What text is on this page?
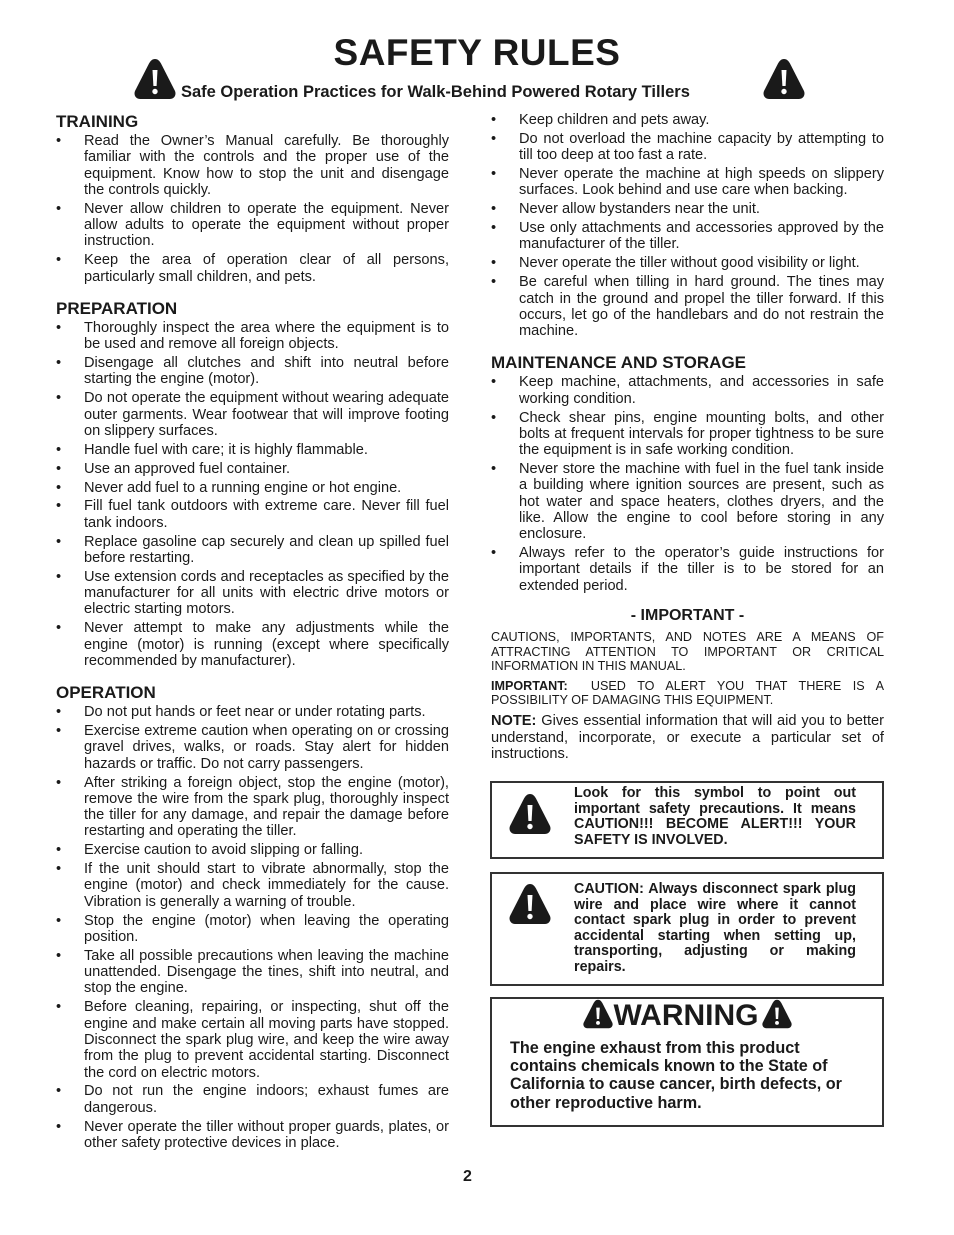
SAFETY RULES
Safe Operation Practices for Walk-Behind Powered Rotary Tillers
TRAINING
• Read the Owner’s Manual carefully. Be thoroughly familiar with the controls and the proper use of the equipment. Know how to stop the unit and disengage the controls quickly.
• Never allow children to operate the equipment. Never allow adults to operate the equipment without proper instruction.
• Keep the area of operation clear of all persons, particularly small children, and pets.
PREPARATION
• Thoroughly inspect the area where the equipment is to be used and remove all foreign objects.
• Disengage all clutches and shift into neutral before starting the engine (motor).
• Do not operate the equipment without wearing adequate outer garments. Wear footwear that will improve footing on slippery surfaces.
• Handle fuel with care; it is highly flammable.
• Use an approved fuel container.
• Never add fuel to a running engine or hot engine.
• Fill fuel tank outdoors with extreme care. Never fill fuel tank indoors.
• Replace gasoline cap securely and clean up spilled fuel before restarting.
• Use extension cords and receptacles as specified by the manufacturer for all units with electric drive motors or electric starting motors.
• Never attempt to make any adjustments while the engine (motor) is running (except where specifically recommended by manufacturer).
OPERATION
• Do not put hands or feet near or under rotating parts.
• Exercise extreme caution when operating on or crossing gravel drives, walks, or roads. Stay alert for hidden hazards or traffic. Do not carry passengers.
• After striking a foreign object, stop the engine (motor), remove the wire from the spark plug, thoroughly inspect the tiller for any damage, and repair the damage before restarting and operating the tiller.
• Exercise caution to avoid slipping or falling.
• If the unit should start to vibrate abnormally, stop the engine (motor) and check immediately for the cause. Vibration is generally a warning of trouble.
• Stop the engine (motor) when leaving the operating position.
• Take all possible precautions when leaving the machine unattended. Disengage the tines, shift into neutral, and stop the engine.
• Before cleaning, repairing, or inspecting, shut off the engine and make certain all moving parts have stopped. Disconnect the spark plug wire, and keep the wire away from the plug to prevent accidental starting. Disconnect the cord on electric motors.
• Do not run the engine indoors; exhaust fumes are dangerous.
• Never operate the tiller without proper guards, plates, or other safety protective devices in place.
• Keep children and pets away.
• Do not overload the machine capacity by attempting to till too deep at too fast a rate.
• Never operate the machine at high speeds on slippery surfaces. Look behind and use care when backing.
• Never allow bystanders near the unit.
• Use only attachments and accessories approved by the manufacturer of the tiller.
• Never operate the tiller without good visibility or light.
• Be careful when tilling in hard ground. The tines may catch in the ground and propel the tiller forward. If this occurs, let go of the handlebars and do not restrain the machine.
MAINTENANCE AND STORAGE
• Keep machine, attachments, and accessories in safe working condition.
• Check shear pins, engine mounting bolts, and other bolts at frequent intervals for proper tightness to be sure the equipment is in safe working condition.
• Never store the machine with fuel in the fuel tank inside a building where ignition sources are present, such as hot water and space heaters, clothes dryers, and the like. Allow the engine to cool before storing in any enclosure.
• Always refer to the operator’s guide instructions for important details if the tiller is to be stored for an extended period.
- IMPORTANT -
CAUTIONS, IMPORTANTS, AND NOTES ARE A MEANS OF ATTRACTING ATTENTION TO IMPORTANT OR CRITICAL INFORMATION IN THIS MANUAL.
IMPORTANT: USED TO ALERT YOU THAT THERE IS A POSSIBILITY OF DAMAGING THIS EQUIPMENT.
NOTE: Gives essential information that will aid you to better understand, incorporate, or execute a particular set of instructions.
Look for this symbol to point out important safety precautions. It means CAUTION!!! BECOME ALERT!!! YOUR SAFETY IS INVOLVED.
CAUTION: Always disconnect spark plug wire and place wire where it cannot contact spark plug in order to prevent accidental starting when setting up, transporting, adjusting or making repairs.
WARNING
The engine exhaust from this product contains chemicals known to the State of California to cause cancer, birth defects, or other reproductive harm.
2
